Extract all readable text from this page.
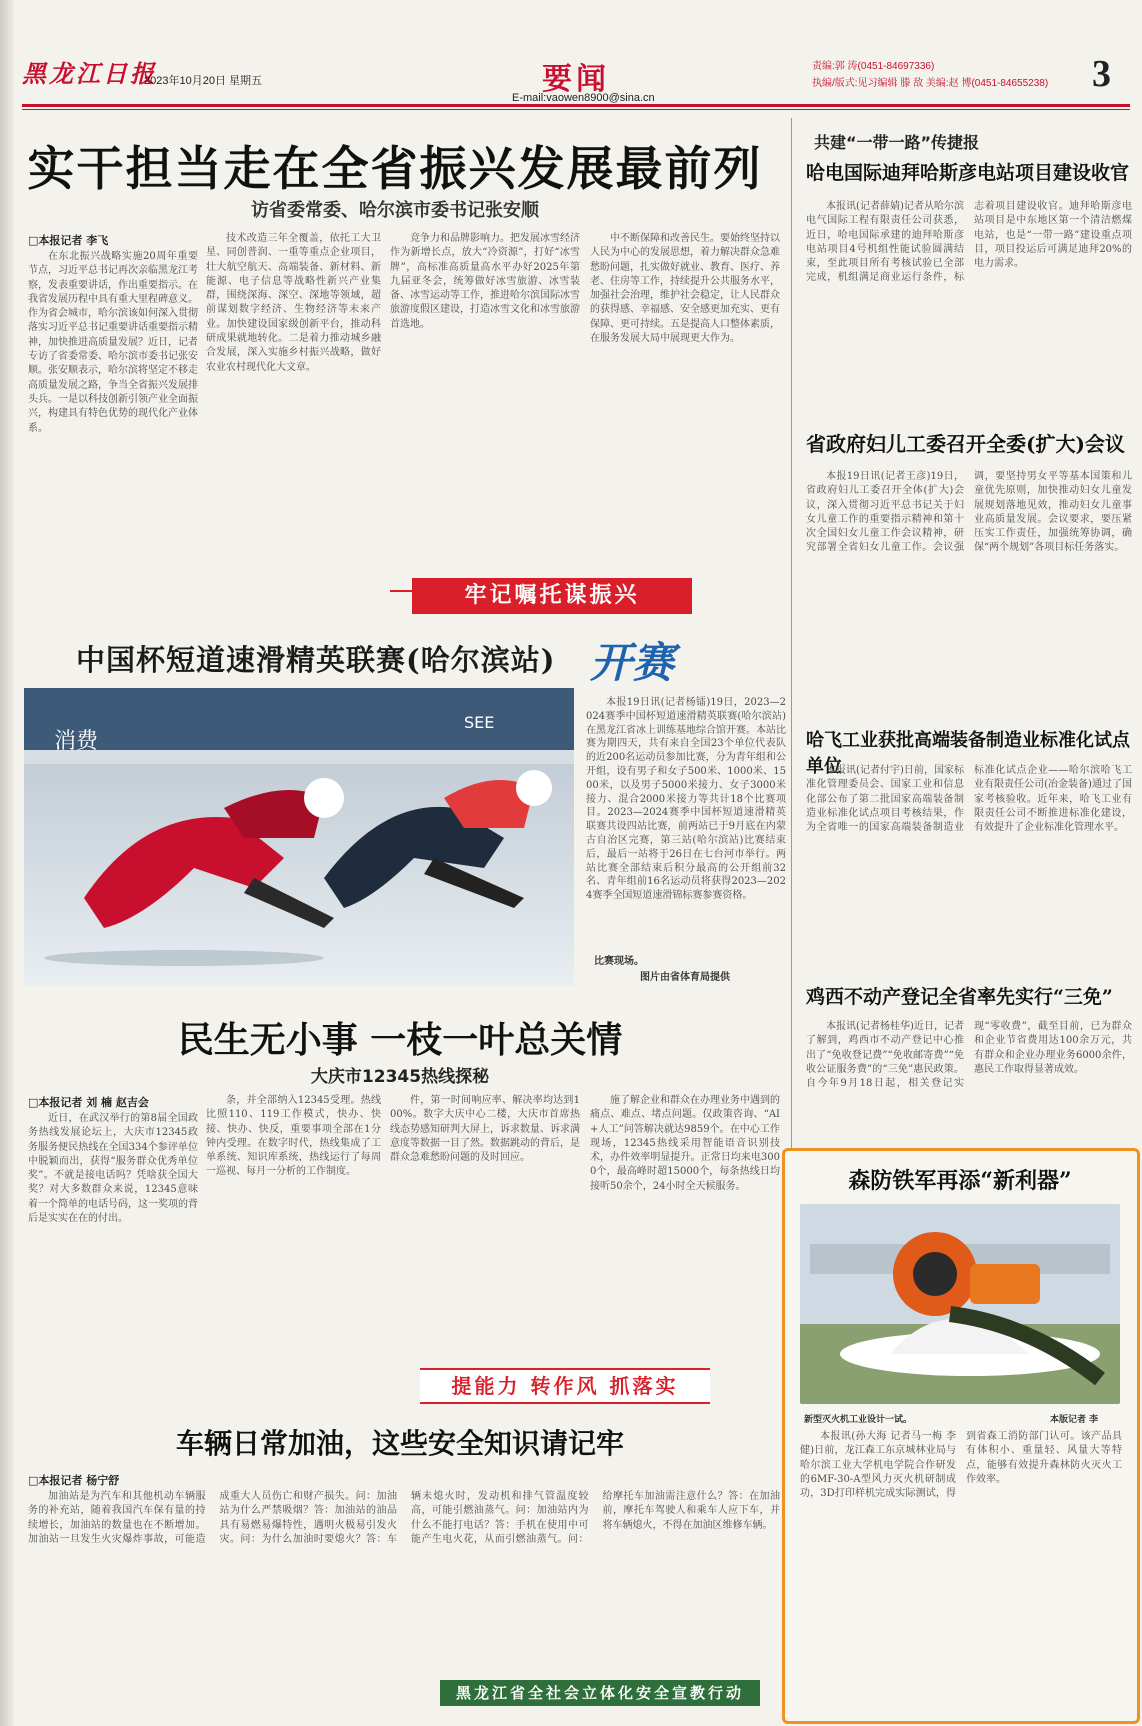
黑龙江日报
2023年10月20日 星期五	要闻
E-mail:vaowen8900@sina.cn
责编:郭 涛(0451-84697336)
执编/版式:见习编辑 滕 敌 美编:赵 博(0451-84655238) 3
实干担当走在全省振兴发展最前列
访省委常委、哈尔滨市委书记张安顺
□本报记者 李飞

在东北振兴战略实施20周年重要节点，习近平总书记再次亲临黑龙江考察，发表重要讲话，作出重要指示。在我省发展历程中具有重大里程碑意义。作为省会城市，哈尔滨该如何深入贯彻落实习近平总书记重要讲话重要指示精神，加快推进高质量发展？近日，记者专访了省委常委、哈尔滨市委书记张安顺。张安顺表示，哈尔滨将坚定不移走高质量发展之路，争当全省振兴发展排头兵。一是以科技创新引领产业全面振兴，构建具有特色优势的现代化产业体系。

技术改造三年全覆盖，依托工大卫星、同创普润、一重等重点企业项目，壮大航空航天、高端装备、新材料、新能源、电子信息等战略性新兴产业集群，围绕深海、深空、深地等领域，超前谋划数字经济、生物经济等未来产业。加快建设国家级创新平台，推动科研成果就地转化。二是着力推动城乡融合发展，深入实施乡村振兴战略，做好农业农村现代化大文章。

竞争力和品牌影响力。把发展冰雪经济作为新增长点，放大“冷资源”，打好“冰雪牌”，高标准高质量高水平办好2025年第九届亚冬会，统筹做好冰雪旅游、冰雪装备、冰雪运动等工作，推进哈尔滨国际冰雪旅游度假区建设，打造冰雪文化和冰雪旅游首选地。

中不断保障和改善民生。要始终坚持以人民为中心的发展思想，着力解决群众急难愁盼问题，扎实做好就业、教育、医疗、养老、住房等工作，持续提升公共服务水平，加强社会治理，维护社会稳定，让人民群众的获得感、幸福感、安全感更加充实、更有保障、更可持续。五是提高人口整体素质，在服务发展大局中展现更大作为。

牢记嘱托谋振兴
中国杯短道速滑精英联赛(哈尔滨站) 开赛
消费
SEE

本报19日讯(记者杨镭)19日，2023—2024赛季中国杯短道速滑精英联赛(哈尔滨站)在黑龙江省冰上训练基地综合馆开赛。本站比赛为期四天，共有来自全国23个单位代表队的近200名运动员参加比赛，分为青年组和公开组，设有男子和女子500米、1000米、1500米，以及男子5000米接力、女子3000米接力、混合2000米接力等共计18个比赛项目。2023—2024赛季中国杯短道速滑精英联赛共设四站比赛，前两站已于9月底在内蒙古自治区完赛，第三站(哈尔滨站)比赛结束后，最后一站将于26日在七台河市举行。两站比赛全部结束后积分最高的公开组前32名、青年组前16名运动员将获得2023—2024赛季全国短道速滑锦标赛参赛资格。

比赛现场。
图片由省体育局提供
民生无小事 一枝一叶总关情
大庆市12345热线探秘
□本报记者 刘 楠 赵吉会

近日，在武汉举行的第8届全国政务热线发展论坛上，大庆市12345政务服务便民热线在全国334个参评单位中脱颖而出，获得“服务群众优秀单位奖”。不就是接电话吗？凭啥获全国大奖？对大多数群众来说，12345意味着一个简单的电话号码，这一奖项的背后是实实在在的付出。

条，并全部纳入12345受理。热线比照110、119工作模式，快办、快接、快办、快反，重要事项全部在1分钟内受理。在数字时代，热线集成了工单系统、知识库系统，热线运行了每周一巡视、每月一分析的工作制度。

件，第一时间响应率、解决率均达到100%。数字大庆中心二楼，大庆市首席热线态势感知研判大屏上，诉求数量、诉求满意度等数据一目了然。数据跳动的背后，是群众急难愁盼问题的及时回应。

施了解企业和群众在办理业务中遇到的痛点、难点、堵点问题。仅政策咨询、“AI+人工”问答解决就达9859个。在中心工作现场，12345热线采用智能语音识别技术，办件效率明显提升。正常日均来电3000个，最高峰时超15000个，每条热线日均接听50余个，24小时全天候服务。

提能力 转作风 抓落实
车辆日常加油，这些安全知识请记牢
□本报记者 杨宁舒

加油站是为汽车和其他机动车辆服务的补充站，随着我国汽车保有量的持续增长，加油站的数量也在不断增加。加油站一旦发生火灾爆炸事故，可能造成重大人员伤亡和财产损失。问：加油站为什么严禁吸烟？答：加油站的油品具有易燃易爆特性，遇明火极易引发火灾。问：为什么加油时要熄火？答：车辆未熄火时，发动机和排气管温度较高，可能引燃油蒸气。问：加油站内为什么不能打电话？答：手机在使用中可能产生电火花，从而引燃油蒸气。问：给摩托车加油需注意什么？答：在加油前，摩托车驾驶人和乘车人应下车，并将车辆熄火，不得在加油区维修车辆。

黑龙江省全社会立体化安全宣教行动
共建“一带一路”传捷报
哈电国际迪拜哈斯彦电站项目建设收官

本报讯(记者薛婧)记者从哈尔滨电气国际工程有限责任公司获悉，近日，哈电国际承建的迪拜哈斯彦电站项目4号机组性能试验圆满结束，至此项目所有考核试验已全部完成，机组满足商业运行条件，标志着项目建设收官。迪拜哈斯彦电站项目是中东地区第一个清洁燃煤电站，也是“一带一路”建设重点项目，项目投运后可满足迪拜20%的电力需求。

省政府妇儿工委召开全委(扩大)会议

本报19日讯(记者王彦)19日，省政府妇儿工委召开全体(扩大)会议，深入贯彻习近平总书记关于妇女儿童工作的重要指示精神和第十次全国妇女儿童工作会议精神，研究部署全省妇女儿童工作。会议强调，要坚持男女平等基本国策和儿童优先原则，加快推动妇女儿童发展规划落地见效，推动妇女儿童事业高质量发展。会议要求，要压紧压实工作责任，加强统筹协调，确保“两个规划”各项目标任务落实。

哈飞工业获批高端装备制造业标准化试点单位

本报讯(记者付宇)日前，国家标准化管理委员会、国家工业和信息化部公布了第二批国家高端装备制造业标准化试点项目考核结果，作为全省唯一的国家高端装备制造业标准化试点企业——哈尔滨哈飞工业有限责任公司(冶金装备)通过了国家考核验收。近年来，哈飞工业有限责任公司不断推进标准化建设，有效提升了企业标准化管理水平。

鸡西不动产登记全省率先实行“三免”

本报讯(记者杨桂华)近日，记者了解到，鸡西市不动产登记中心推出了“免收登记费”“免收邮寄费”“免收公证服务费”的“三免”惠民政策。自今年9月18日起，相关登记实现“零收费”，截至目前，已为群众和企业节省费用达100余万元，共有群众和企业办理业务6000余件，惠民工作取得显著成效。

森防铁军再添“新利器”
新型灭火机工业设计一试。	本版记者 李

本报讯(孙大海 记者马一梅 李健)日前，龙江森工东京城林业局与哈尔滨工业大学机电学院合作研发的6MF-30-A型风力灭火机研制成功，3D打印样机完成实际测试，得到省森工消防部门认可。该产品具有体积小、重量轻、风量大等特点，能够有效提升森林防火灭火工作效率。
